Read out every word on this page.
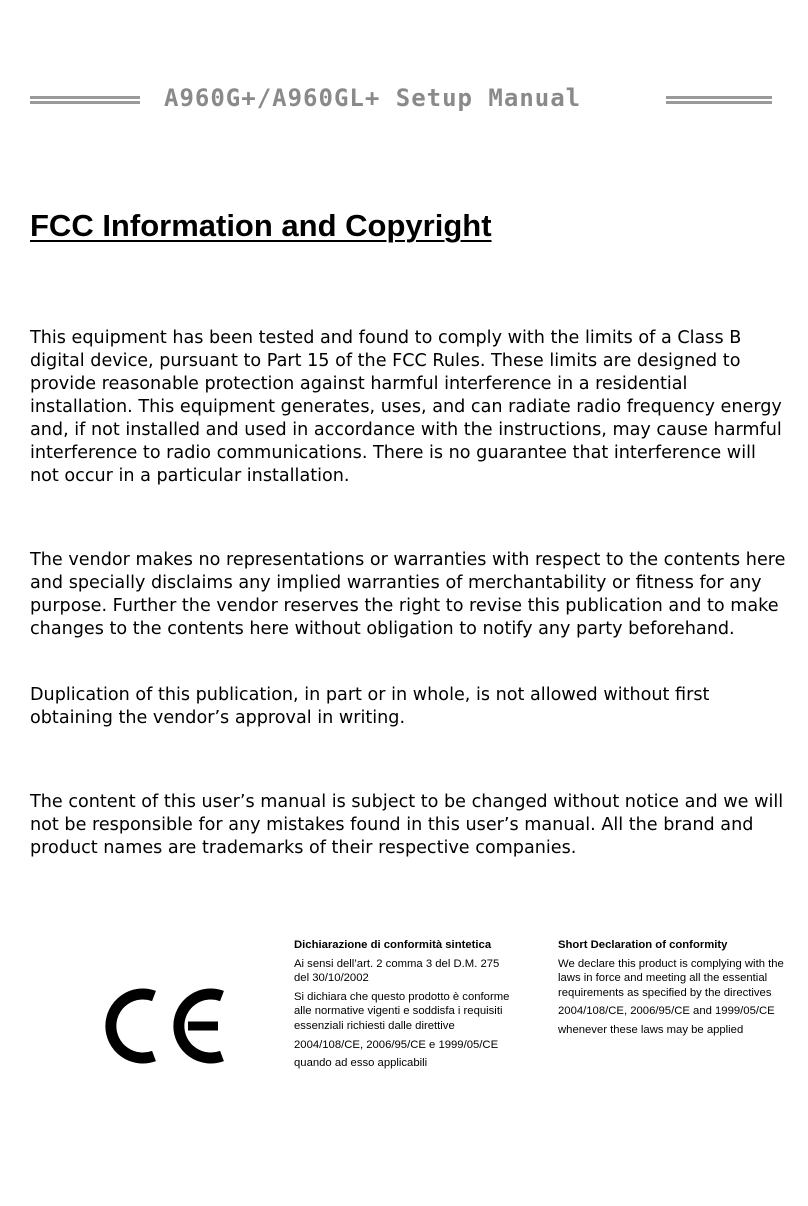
A960G+/A960GL+ Setup Manual
FCC Information and Copyright

This equipment has been tested and found to comply with the limits of a Class B digital device, pursuant to Part 15 of the FCC Rules. These limits are designed to provide reasonable protection against harmful interference in a residential installation. This equipment generates, uses, and can radiate radio frequency energy and, if not installed and used in accordance with the instructions, may cause harmful interference to radio communications. There is no guarantee that interference will not occur in a particular installation.

The vendor makes no representations or warranties with respect to the contents here and specially disclaims any implied warranties of merchantability or fitness for any purpose. Further the vendor reserves the right to revise this publication and to make changes to the contents here without obligation to notify any party beforehand.

Duplication of this publication, in part or in whole, is not allowed without first obtaining the vendor’s approval in writing.

The content of this user’s manual is subject to be changed without notice and we will not be responsible for any mistakes found in this user’s manual. All the brand and product names are trademarks of their respective companies.

Dichiarazione di conformità sintetica

Ai sensi dell’art. 2 comma 3 del D.M. 275 del 30/10/2002

Si dichiara che questo prodotto è conforme alle normative vigenti e soddisfa i requisiti essenziali richiesti dalle direttive

2004/108/CE, 2006/95/CE e 1999/05/CE

quando ad esso applicabili

Short Declaration of conformity

We declare this product is complying with the laws in force and meeting all the essential requirements as specified by the directives

2004/108/CE, 2006/95/CE and 1999/05/CE

whenever these laws may be applied
